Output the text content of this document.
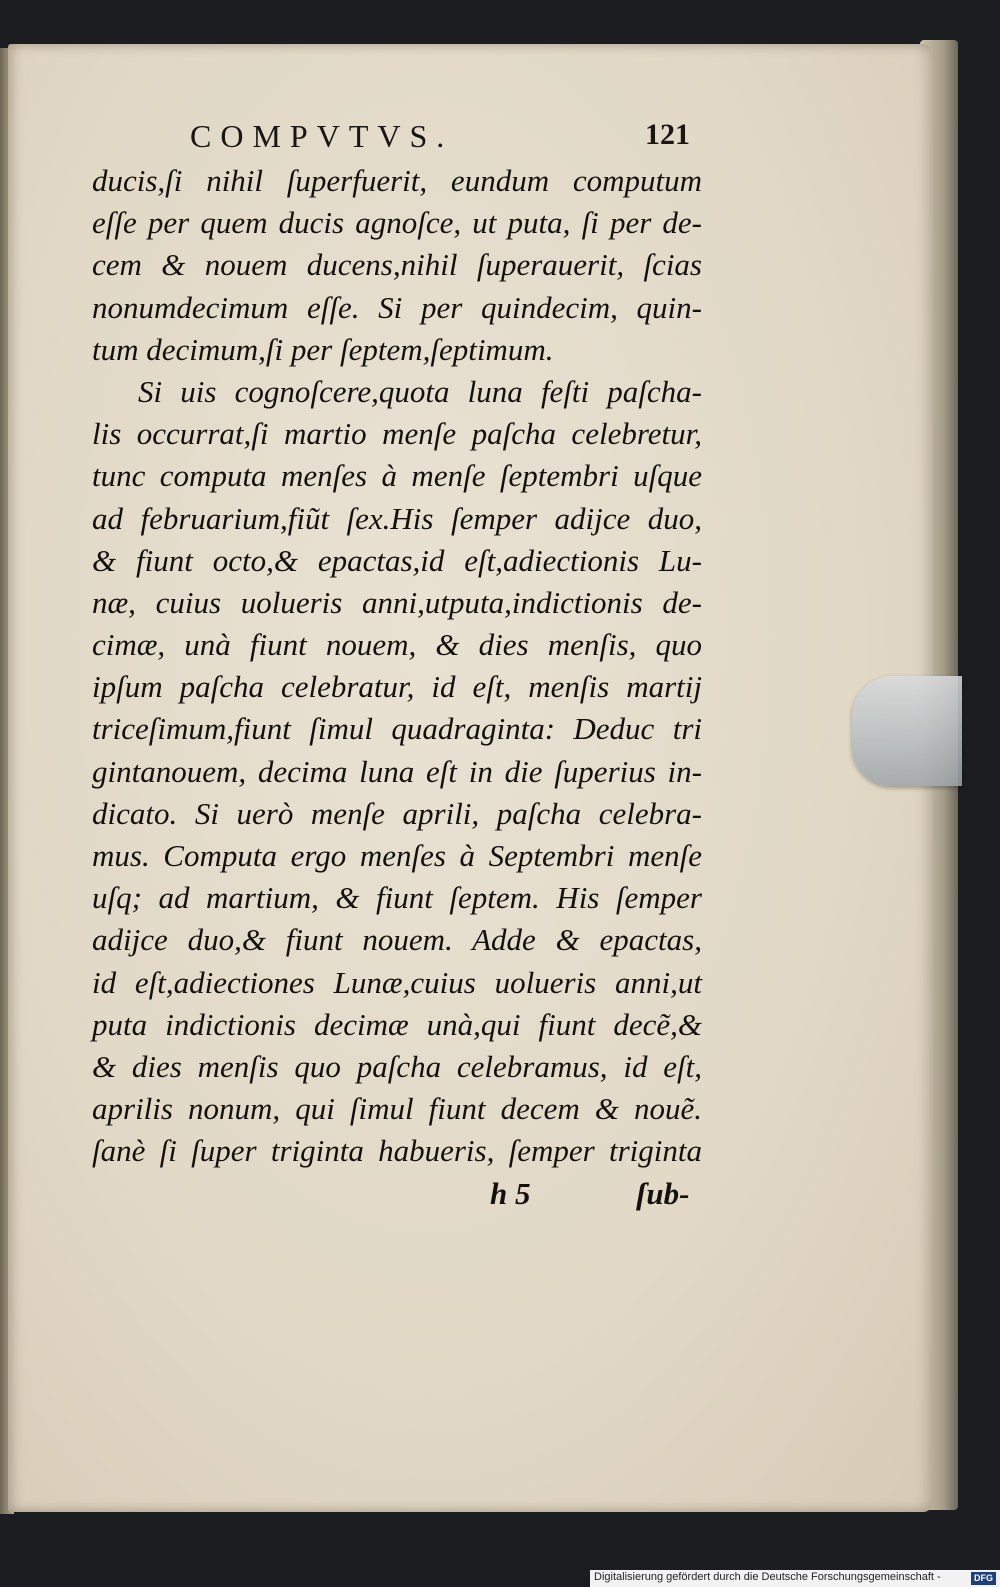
COMPVTVS.	121
ducis,ſi nihil ſuperfuerit, eundum computum
eſſe per quem ducis agnoſce, ut puta, ſi per de-
cem & nouem ducens,nihil ſuperauerit, ſcias
nonumdecimum eſſe. Si per quindecim, quin-
tum decimum,ſi per ſeptem,ſeptimum.
Si uis cognoſcere,quota luna feſti paſcha-
lis occurrat,ſi martio menſe paſcha celebretur,
tunc computa menſes à menſe ſeptembri uſque
ad februarium,fiũt ſex.His ſemper adijce duo,
& fiunt octo,& epactas,id eſt,adiectionis Lu-
næ, cuius uolueris anni,utputa,indictionis de-
cimæ, unà fiunt nouem, & dies menſis, quo
ipſum paſcha celebratur, id eſt, menſis martij
triceſimum,fiunt ſimul quadraginta: Deduc tri
gintanouem, decima luna eſt in die ſuperius in-
dicato. Si uerò menſe aprili, paſcha celebra-
mus. Computa ergo menſes à Septembri menſe
uſq; ad martium, & fiunt ſeptem. His ſemper
adijce duo,& fiunt nouem. Adde & epactas,
id eſt,adiectiones Lunæ,cuius uolueris anni,ut
puta indictionis decimæ unà,qui fiunt decẽ,&
& dies menſis quo paſcha celebramus, id eſt,
aprilis nonum, qui ſimul fiunt decem & nouẽ.
ſanè ſi ſuper triginta habueris, ſemper triginta
h 5	ſub-
Digitalisierung gefördert durch die Deutsche Forschungsgemeinschaft -	DFG
